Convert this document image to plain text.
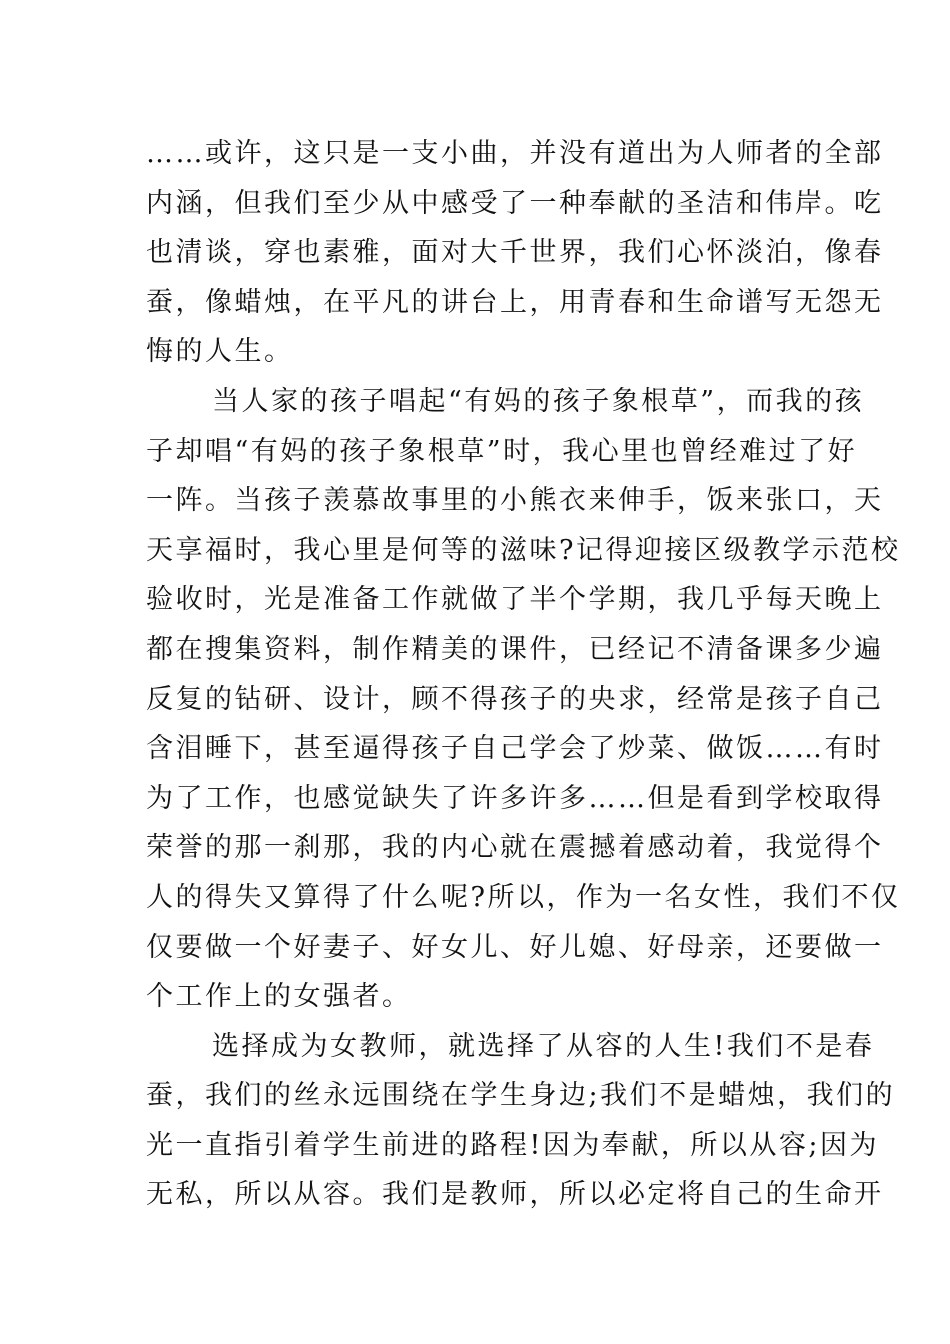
……或许，这只是一支小曲，并没有道出为人师者的全部
内涵，但我们至少从中感受了一种奉献的圣洁和伟岸。吃
也清谈，穿也素雅，面对大千世界，我们心怀淡泊，像春
蚕，像蜡烛，在平凡的讲台上，用青春和生命谱写无怨无
悔的人生。
当人家的孩子唱起“有妈的孩子象根草”，而我的孩
子却唱“有妈的孩子象根草”时，我心里也曾经难过了好
一阵。当孩子羡慕故事里的小熊衣来伸手，饭来张口，天
天享福时，我心里是何等的滋味?记得迎接区级教学示范校
验收时，光是准备工作就做了半个学期，我几乎每天晚上
都在搜集资料，制作精美的课件，已经记不清备课多少遍
反复的钻研、设计，顾不得孩子的央求，经常是孩子自己
含泪睡下，甚至逼得孩子自己学会了炒菜、做饭……有时
为了工作，也感觉缺失了许多许多……但是看到学校取得
荣誉的那一刹那，我的内心就在震撼着感动着，我觉得个
人的得失又算得了什么呢?所以，作为一名女性，我们不仅
仅要做一个好妻子、好女儿、好儿媳、好母亲，还要做一
个工作上的女强者。
选择成为女教师，就选择了从容的人生!我们不是春
蚕，我们的丝永远围绕在学生身边;我们不是蜡烛，我们的
光一直指引着学生前进的路程!因为奉献，所以从容;因为
无私，所以从容。我们是教师，所以必定将自己的生命开
